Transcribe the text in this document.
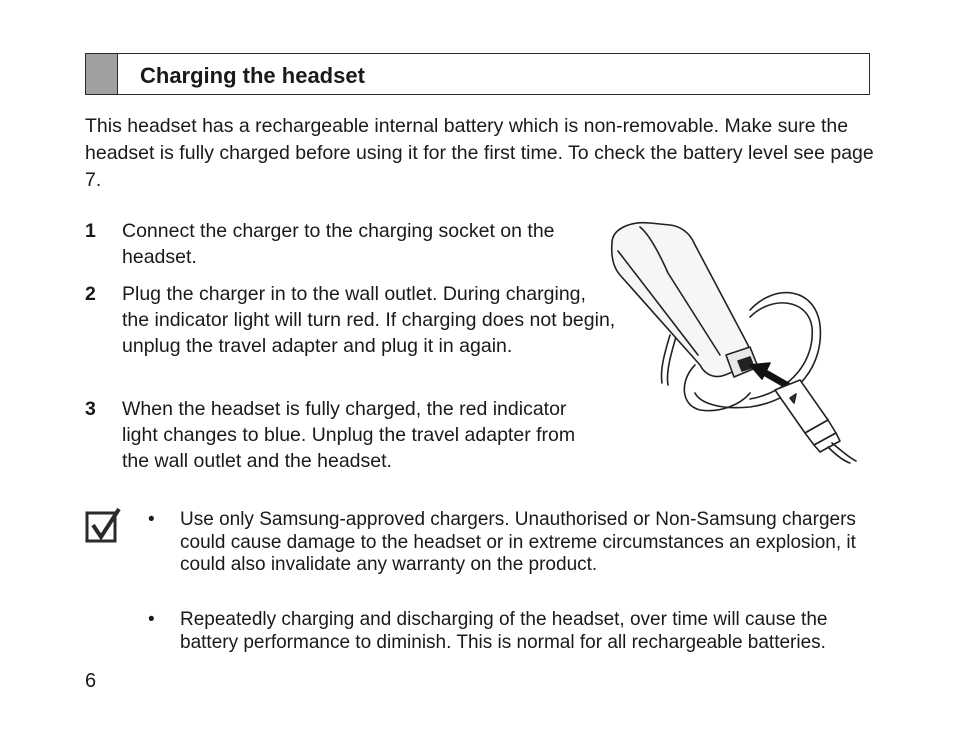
Charging the headset

This headset has a rechargeable internal battery which is non-removable. Make sure the headset is fully charged before using it for the first time. To check the battery level see page 7.

1 Connect the charger to the charging socket on the headset.
2 Plug the charger in to the wall outlet. During charging, the indicator light will turn red. If charging does not begin, unplug the travel adapter and plug it in again.
3 When the headset is fully charged, the red indicator light changes to blue. Unplug the travel adapter from the wall outlet and the headset.
• Use only Samsung-approved chargers. Unauthorised or Non-Samsung chargers could cause damage to the headset or in extreme circumstances an explosion, it could also invalidate any warranty on the product.
• Repeatedly charging and discharging of the headset, over time will cause the battery performance to diminish. This is normal for all rechargeable batteries.
6
